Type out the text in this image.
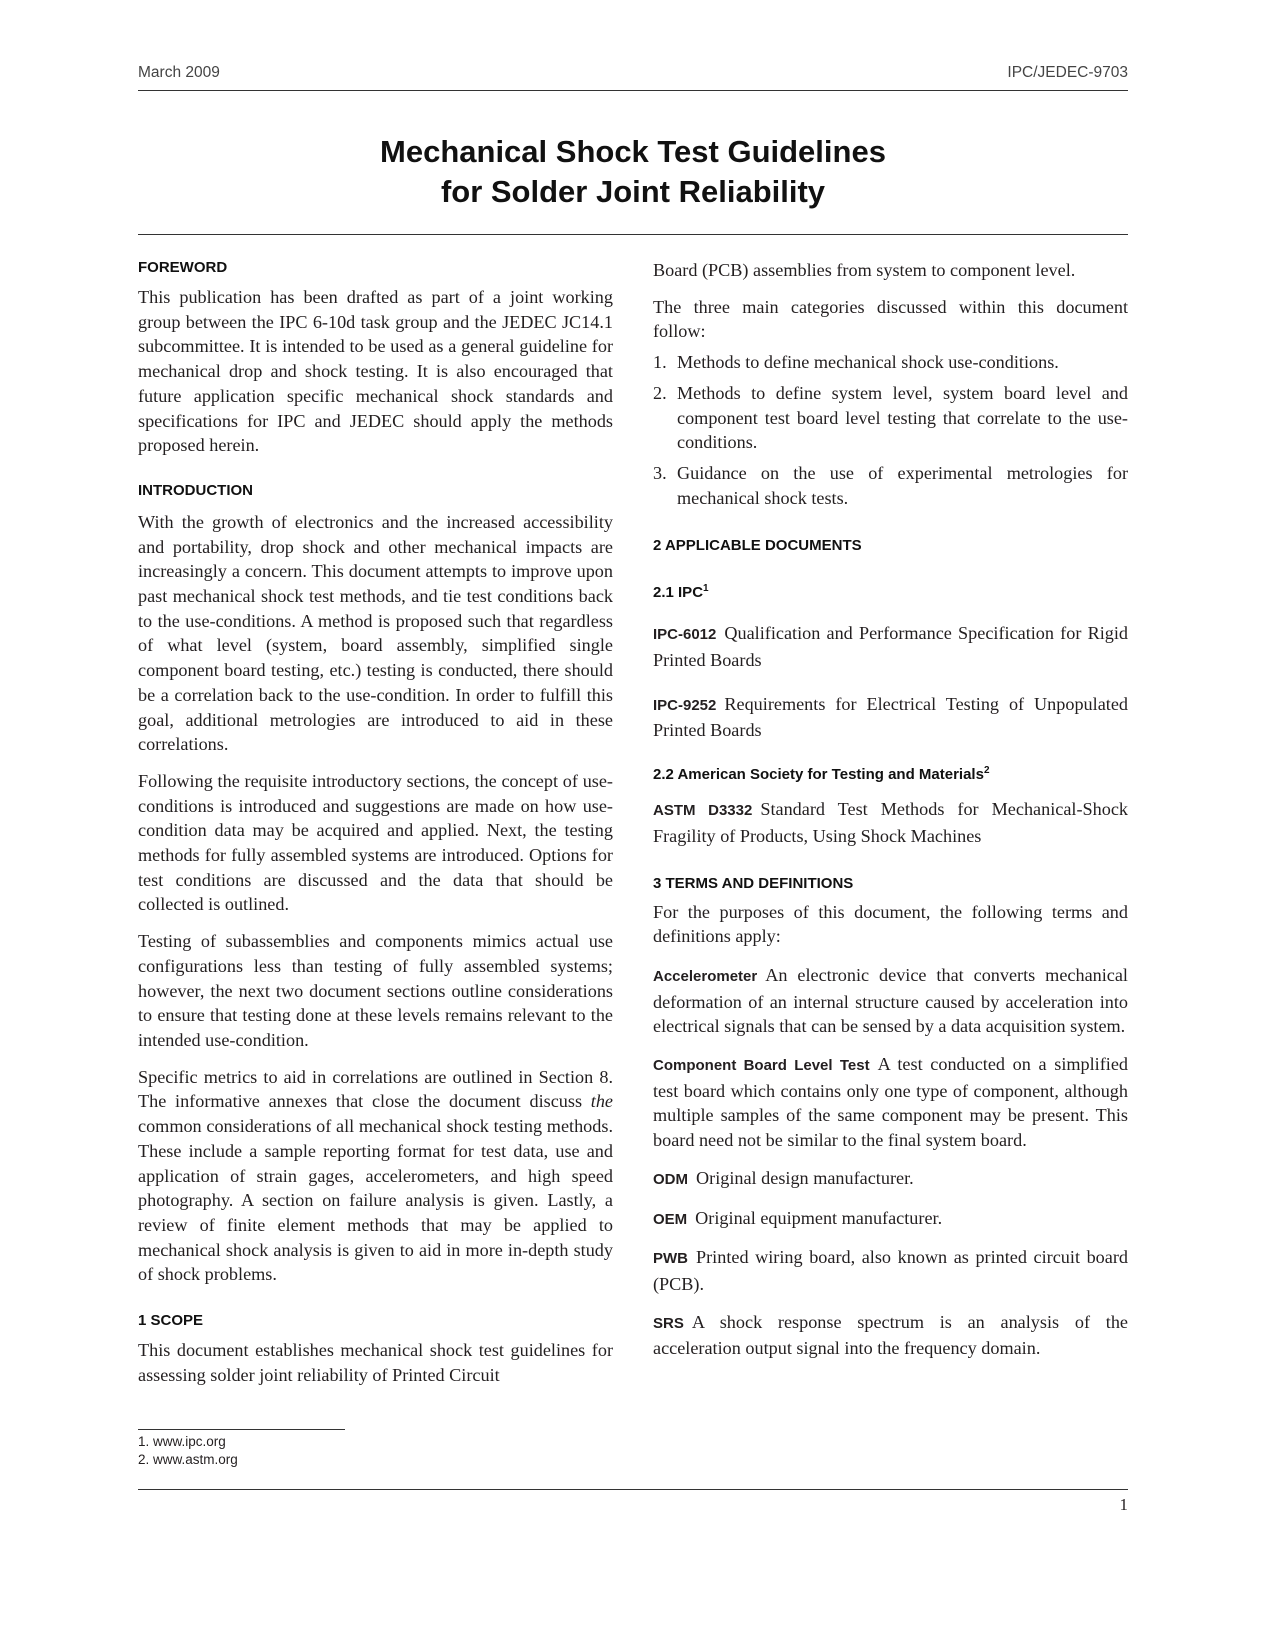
March 2009	IPC/JEDEC-9703
Mechanical Shock Test Guidelines
for Solder Joint Reliability
FOREWORD

This publication has been drafted as part of a joint working group between the IPC 6-10d task group and the JEDEC JC14.1 subcommittee. It is intended to be used as a general guideline for mechanical drop and shock testing. It is also encouraged that future application specific mechanical shock standards and specifications for IPC and JEDEC should apply the methods proposed herein.

INTRODUCTION

With the growth of electronics and the increased accessibility and portability, drop shock and other mechanical impacts are increasingly a concern. This document attempts to improve upon past mechanical shock test methods, and tie test conditions back to the use-conditions. A method is proposed such that regardless of what level (system, board assembly, simplified single component board testing, etc.) testing is conducted, there should be a correlation back to the use-condition. In order to fulfill this goal, additional metrologies are introduced to aid in these correlations.

Following the requisite introductory sections, the concept of use-conditions is introduced and suggestions are made on how use-condition data may be acquired and applied. Next, the testing methods for fully assembled systems are introduced. Options for test conditions are discussed and the data that should be collected is outlined.

Testing of subassemblies and components mimics actual use configurations less than testing of fully assembled systems; however, the next two document sections outline considerations to ensure that testing done at these levels remains relevant to the intended use-condition.

Specific metrics to aid in correlations are outlined in Section 8. The informative annexes that close the document discuss the common considerations of all mechanical shock testing methods. These include a sample reporting format for test data, use and application of strain gages, accelerometers, and high speed photography. A section on failure analysis is given. Lastly, a review of finite element methods that may be applied to mechanical shock analysis is given to aid in more in-depth study of shock problems.

1 SCOPE

This document establishes mechanical shock test guidelines for assessing solder joint reliability of Printed Circuit

Board (PCB) assemblies from system to component level.

The three main categories discussed within this document follow:

1. Methods to define mechanical shock use-conditions.
2. Methods to define system level, system board level and component test board level testing that correlate to the use-conditions.
3. Guidance on the use of experimental metrologies for mechanical shock tests.
2 APPLICABLE DOCUMENTS
2.1 IPC$^1$

IPC-6012 Qualification and Performance Specification for Rigid Printed Boards

IPC-9252 Requirements for Electrical Testing of Unpopulated Printed Boards

2.2 American Society for Testing and Materials$^2$

ASTM D3332 Standard Test Methods for Mechanical-Shock Fragility of Products, Using Shock Machines

3 TERMS AND DEFINITIONS

For the purposes of this document, the following terms and definitions apply:

Accelerometer An electronic device that converts mechanical deformation of an internal structure caused by acceleration into electrical signals that can be sensed by a data acquisition system.

Component Board Level Test A test conducted on a simplified test board which contains only one type of component, although multiple samples of the same component may be present. This board need not be similar to the final system board.

ODM Original design manufacturer.

OEM Original equipment manufacturer.

PWB Printed wiring board, also known as printed circuit board (PCB).

SRS A shock response spectrum is an analysis of the acceleration output signal into the frequency domain.

1. www.ipc.org
2. www.astm.org
1
